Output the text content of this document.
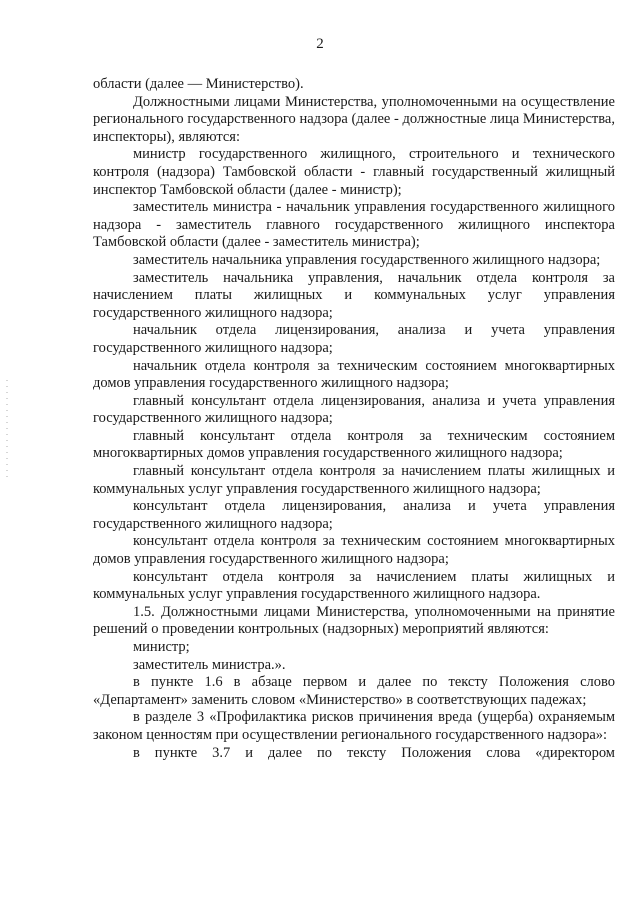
2

области (далее — Министерство).

Должностными лицами Министерства, уполномоченными на осуществление регионального государственного надзора (далее - должностные лица Министерства, инспекторы), являются:

министр государственного жилищного, строительного и технического контроля (надзора) Тамбовской области - главный государственный жилищный инспектор Тамбовской области (далее - министр);

заместитель министра - начальник управления государственного жилищного надзора - заместитель главного государственного жилищного инспектора Тамбовской области (далее - заместитель министра);

заместитель начальника управления государственного жилищного надзора;

заместитель начальника управления, начальник отдела контроля за начислением платы жилищных и коммунальных услуг управления государственного жилищного надзора;

начальник отдела лицензирования, анализа и учета управления государственного жилищного надзора;

начальник отдела контроля за техническим состоянием многоквартирных домов управления государственного жилищного надзора;

главный консультант отдела лицензирования, анализа и учета управления государственного жилищного надзора;

главный консультант отдела контроля за техническим состоянием многоквартирных домов управления государственного жилищного надзора;

главный консультант отдела контроля за начислением платы жилищных и коммунальных услуг управления государственного жилищного надзора;

консультант отдела лицензирования, анализа и учета управления государственного жилищного надзора;

консультант отдела контроля за техническим состоянием многоквартирных домов управления государственного жилищного надзора;

консультант отдела контроля за начислением платы жилищных и коммунальных услуг управления государственного жилищного надзора.

1.5. Должностными лицами Министерства, уполномоченными на принятие решений о проведении контрольных (надзорных) мероприятий являются:

министр;

заместитель министра.».

в пункте 1.6 в абзаце первом и далее по тексту Положения слово «Департамент» заменить словом «Министерство» в соответствующих падежах;

в разделе 3 «Профилактика рисков причинения вреда (ущерба) охраняемым законом ценностям при осуществлении регионального государственного надзора»:

в пункте 3.7 и далее по тексту Положения слова «директором
